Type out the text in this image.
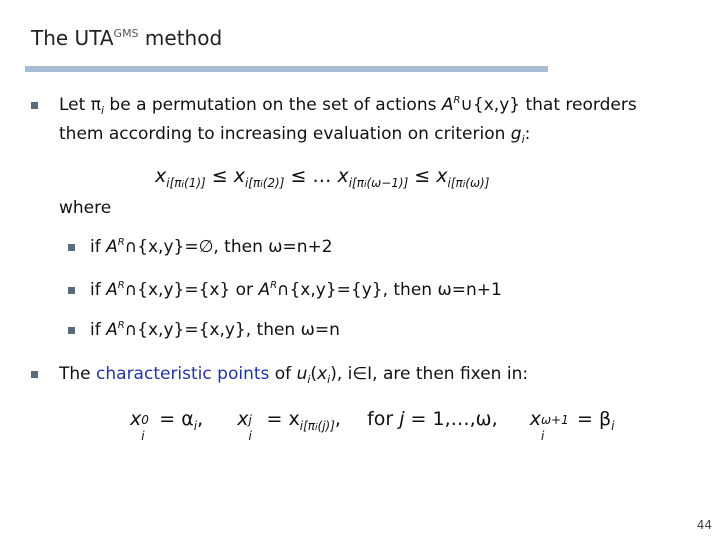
The $UTA^{GMS}$ method
Let $\pi_i$ be a permutation on the set of actions $A^R\cup\{x,y\}$ that reorders
them according to increasing evaluation on criterion $g_i$:
$x_{i[\pi i(1)]} \le x_{i[\pi i(2)]}$ ≤ … $x_{i[\pi i(\omega-1)]} \le x_{i[\pi i(\omega)]}$
where
if $A^R\cap\{x,y\}=\emptyset$, then ω=n+2
if $A^R\cap\{x,y\}=\{x\}$ or $A^R\cap\{x,y\}=\{y\}$, then ω=n+1
if $A^R\cap\{x,y\}=\{x,y\}$, then ω=n
The characteristic points of $u_i(x_i)$, i∈I, are then fixen in:
x 0
i
= $\alpha_i$, x j
i
= $x_{i[\pi i(j)]}$, for j = 1,…,ω, x ω+1
i
= $\beta_i$
44
